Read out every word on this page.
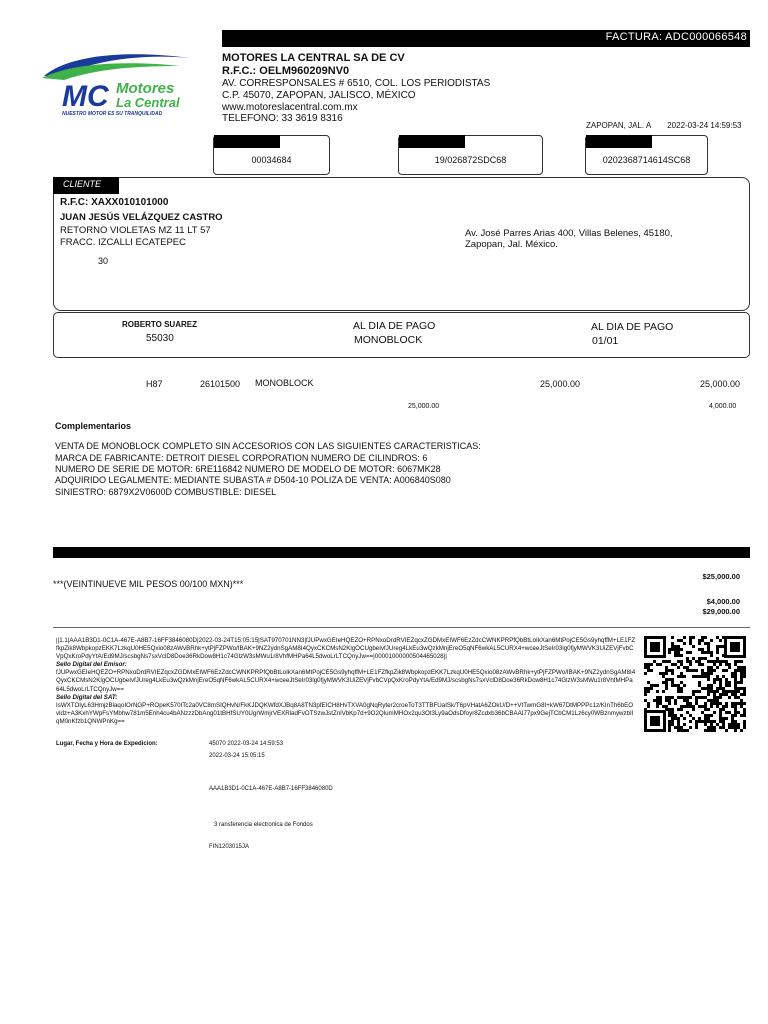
FACTURA: ADC000066548
MC Motores
La Central
NUESTRO MOTOR ES SU TRANQUILIDAD
MOTORES LA CENTRAL SA DE CV
R.F.C.: OELM960209NV0
AV. CORRESPONSALES # 6510, COL. LOS PERIODISTAS
C.P. 45070, ZAPOPAN, JALISCO, MÉXICO
www.motoreslacentral.com.mx
TELEFONO: 33 3619 8316
ZAPOPAN, JAL. A 2022-03-24 14:59:53
00034684	19/026872SDC68	0202368714614SC68
CLIENTE
R.F.C: XAXX010101000
JUAN JESÚS VELÁZQUEZ CASTRO
RETORNO VIOLETAS MZ 11 LT 57
FRACC. IZCALLI ECATEPEC
30
Av. José Parres Arias 400, Villas Belenes, 45180,
Zapopan, Jal. México.
ROBERTO SUAREZ
55030
AL DIA DE PAGO
MONOBLOCK
AL DIA DE PAGO
01/01
H87	26101500 MONOBLOCK	25,000.00	25,000.00
25,000.00	4,000.00
Complementarios
VENTA DE MONOBLOCK COMPLETO SIN ACCESORIOS CON LAS SIGUIENTES CARACTERISTICAS:
MARCA DE FABRICANTE: DETROIT DIESEL CORPORATION NUMERO DE CILINDROS: 6
NUMERO DE SERIE DE MOTOR: 6RE116842 NUMERO DE MODELO DE MOTOR: 6067MK28
ADQUIRIDO LEGALMENTE: MEDIANTE SUBASTA # D504-10 POLIZA DE VENTA: A006840S080
SINIESTRO: 6879X2V0600D COMBUSTIBLE: DIESEL
***(VEINTINUEVE MIL PESOS 00/100 MXN)***
$25,000.00
$4,000.00
$29,000.00
||1.1|AAA1B3D1-0C1A-467E-A8B7-16FF3846080D|2022-03-24T15:05:15|SAT970701NN3|fJUPwxGEIeHQEZO+RPNxoDrdRVIEZqcxZGDMxEIWF6EzZdcCWNKPRPfQbBtLoIkXan6MtPojCE5Gs9yhqffM+LE1FZfkpZik8WbpkopzEKK7LzkqU0HE5Qxio08zAWvBRhk+ytPjFZPWo/IBAK+9NZ2ydnSgAM8I4QyxCKCMsN2KlgOCUgbeIvfJUreg4LkEu3wQzkMnjEreO5qNF6wkAL5CURX4+wceeJtSeIr03lg0fjyMWVK3UiZEVjFvbCVpQxKroPdyYtA/Ed9MJ/scsbgNs7sxVclD8Doe36RkDow8H1c74GlzW3sMWu1r8VhfMHPa64L5dwoLrLTCQnyJw==|00001000000504465028||
Sello Digital del Emisor:
fJUPwxGEIeHQEZO+RPNxoDrdRVIEZqcxZGDMxEIWF6EzZdcCWNKPRPfQbBtLoIkXan6MtPojCE5Gs9yhqffM+LE1FZfkpZik8WbpkopzEKK7LzkqU0HE5Qxio08zAWvBRhk+ytPjFZPWo/IBAK+9NZ2ydnSgAM8I4QyxCKCMsN2KlgOCUgbeIvfJUreg4LkEu3wQzkMnjEreO5qNF6wkAL5CURX4+wceeJtSeIr03lg0fjyMWVK3UiZEVjFvbCVpQxKroPdyYtA/Ed9MJ/scsbgNs7sxVclD8Doe36RkDow8H1c74GlzW3sMWu1r8VhfMHPa64L5dwoLrLTCQnyJw==
Sello Digital del SAT:
IsWXTOIyL63HmjzBlaqoIOrNGP+ROpeK570ITc2a0VC8mSIQHvN/FkKJDQKWfdXJBq8A8TN3pfEICH8HvTXVA0gNqRyter2croeToT3TTBFUaISk/T6pVHatA6ZOkU/D++VtTwmG8I+kW67DtMPPPc1z/KInTh6bEOvldz+A3KxhYWpFsYMbhw781m5Enh4cu4bANzzzDbAng01tBHfSUY0UgrWmjrVEXRladFvOTSzwJstZnlVbKp7d+9O2QlumMHOx2qu3Ot3Ly9aOdsDfoyr8Zcdxb36bCBAAI77px9GejTCbCM1Lz6cy0WBznmywzbIIqM0nKfzb1QNWPnKg==
Lugar, Fecha y Hora de Expedicion:	45070 2022-03-24 14:59:53
2022-03-24 15:05:15
AAA1B3D1-0C1A-467E-A8B7-16FF3846080D
3 ransferencia electronica de Fondos
FIN1203015JA
